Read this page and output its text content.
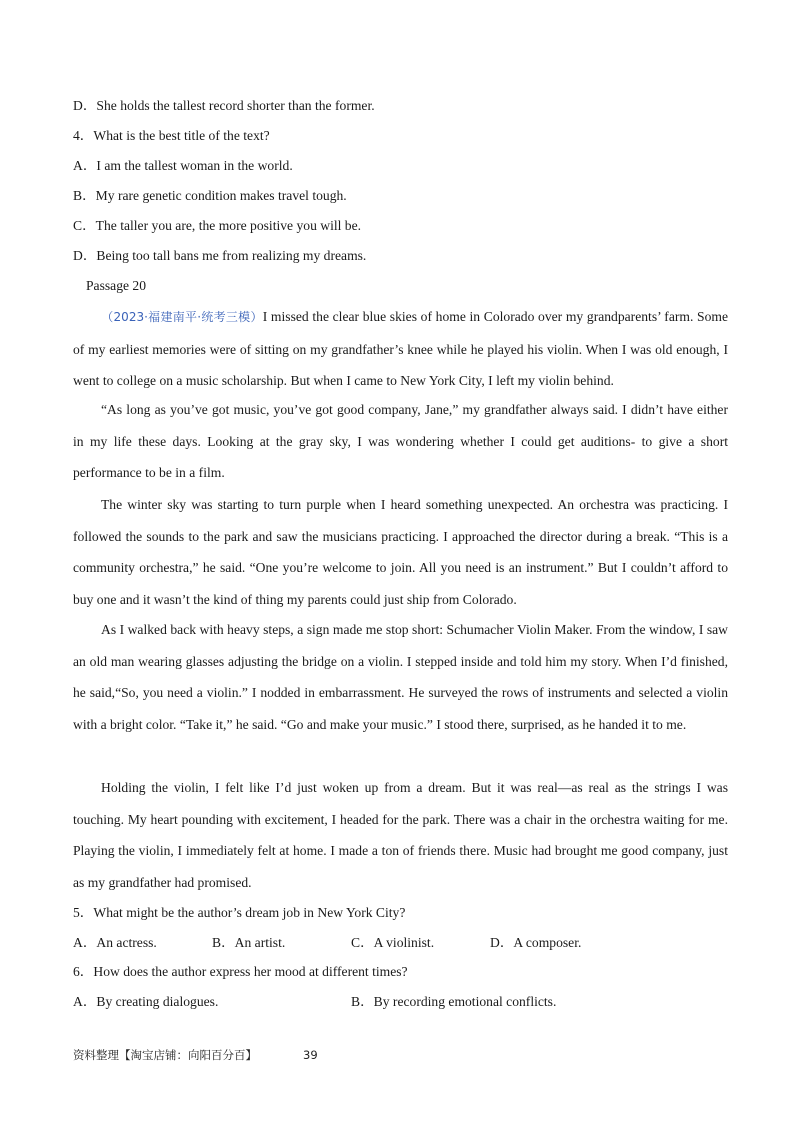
D．She holds the tallest record shorter than the former.
4．What is the best title of the text?
A．I am the tallest woman in the world.
B．My rare genetic condition makes travel tough.
C．The taller you are, the more positive you will be.
D．Being too tall bans me from realizing my dreams.
Passage 20
（2023·福建南平·统考三模）I missed the clear blue skies of home in Colorado over my grandparents’ farm. Some of my earliest memories were of sitting on my grandfather’s knee while he played his violin. When I was old enough, I went to college on a music scholarship. But when I came to New York City, I left my violin behind.
“As long as you’ve got music, you’ve got good company, Jane,” my grandfather always said. I didn’t have either in my life these days. Looking at the gray sky, I was wondering whether I could get auditions- to give a short performance to be in a film.
The winter sky was starting to turn purple when I heard something unexpected. An orchestra was practicing. I followed the sounds to the park and saw the musicians practicing. I approached the director during a break. “This is a community orchestra,” he said. “One you’re welcome to join. All you need is an instrument.” But I couldn’t afford to buy one and it wasn’t the kind of thing my parents could just ship from Colorado.
As I walked back with heavy steps, a sign made me stop short: Schumacher Violin Maker. From the window, I saw an old man wearing glasses adjusting the bridge on a violin. I stepped inside and told him my story. When I’d finished, he said,“So, you need a violin.” I nodded in embarrassment. He surveyed the rows of instruments and selected a violin with a bright color. “Take it,” he said. “Go and make your music.” I stood there, surprised, as he handed it to me.
Holding the violin, I felt like I’d just woken up from a dream. But it was real—as real as the strings I was touching. My heart pounding with excitement, I headed for the park. There was a chair in the orchestra waiting for me. Playing the violin, I immediately felt at home. I made a ton of friends there. Music had brought me good company, just as my grandfather had promised.
5．What might be the author’s dream job in New York City?
A．An actress.	B．An artist.	C．A violinist.	D．A composer.
6．How does the author express her mood at different times?
A．By creating dialogues.	B．By recording emotional conflicts.
资料整理【淘宝店铺：向阳百分百】	39
